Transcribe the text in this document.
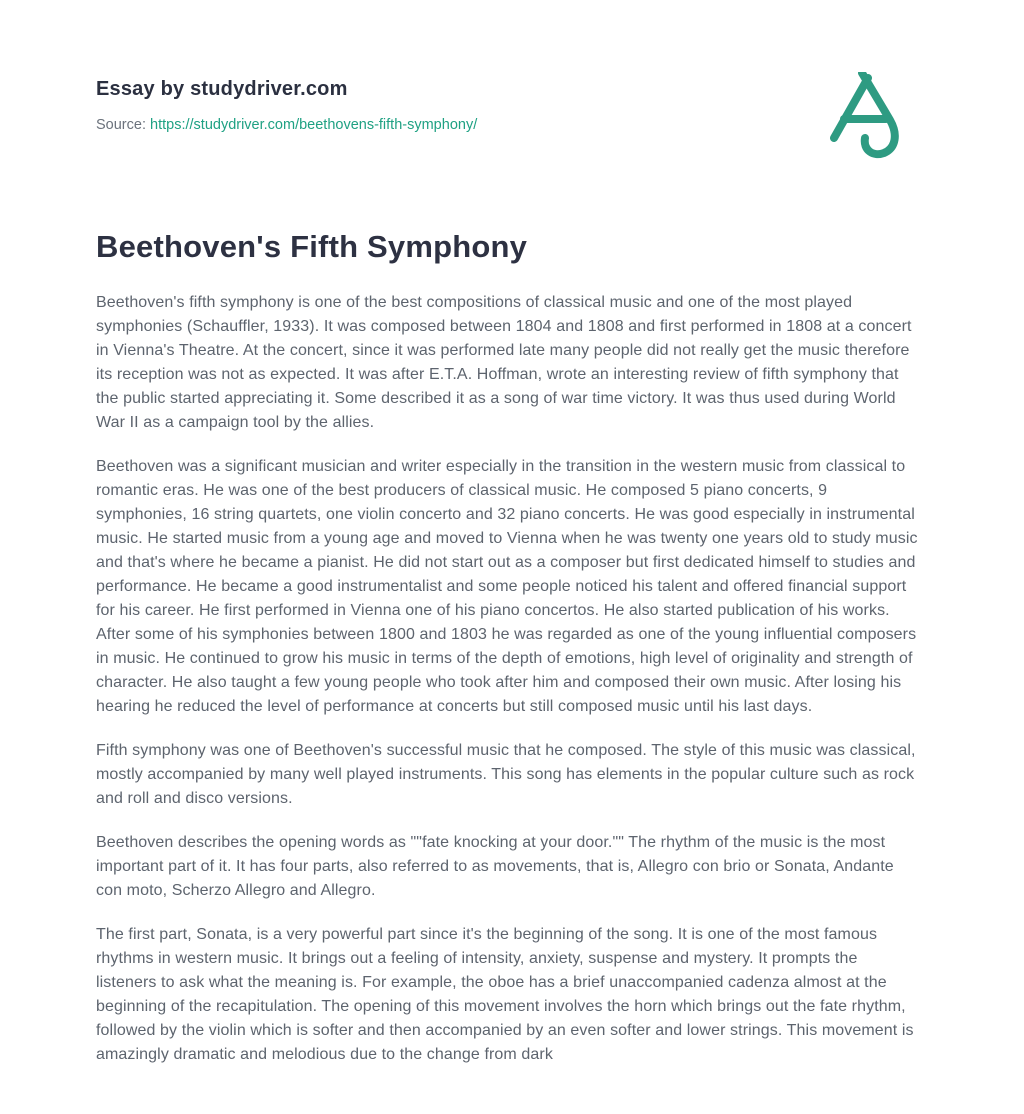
Essay by studydriver.com
Source: https://studydriver.com/beethovens-fifth-symphony/
Beethoven's Fifth Symphony

Beethoven's fifth symphony is one of the best compositions of classical music and one of the most played symphonies (Schauffler, 1933). It was composed between 1804 and 1808 and first performed in 1808 at a concert in Vienna's Theatre. At the concert, since it was performed late many people did not really get the music therefore its reception was not as expected. It was after E.T.A. Hoffman, wrote an interesting review of fifth symphony that the public started appreciating it. Some described it as a song of war time victory. It was thus used during World War II as a campaign tool by the allies.

Beethoven was a significant musician and writer especially in the transition in the western music from classical to romantic eras. He was one of the best producers of classical music. He composed 5 piano concerts, 9 symphonies, 16 string quartets, one violin concerto and 32 piano concerts. He was good especially in instrumental music. He started music from a young age and moved to Vienna when he was twenty one years old to study music and that's where he became a pianist. He did not start out as a composer but first dedicated himself to studies and performance. He became a good instrumentalist and some people noticed his talent and offered financial support for his career. He first performed in Vienna one of his piano concertos. He also started publication of his works. After some of his symphonies between 1800 and 1803 he was regarded as one of the young influential composers in music. He continued to grow his music in terms of the depth of emotions, high level of originality and strength of character. He also taught a few young people who took after him and composed their own music. After losing his hearing he reduced the level of performance at concerts but still composed music until his last days.

Fifth symphony was one of Beethoven's successful music that he composed. The style of this music was classical, mostly accompanied by many well played instruments. This song has elements in the popular culture such as rock and roll and disco versions.

Beethoven describes the opening words as ""fate knocking at your door."" The rhythm of the music is the most important part of it. It has four parts, also referred to as movements, that is, Allegro con brio or Sonata, Andante con moto, Scherzo Allegro and Allegro.

The first part, Sonata, is a very powerful part since it's the beginning of the song. It is one of the most famous rhythms in western music. It brings out a feeling of intensity, anxiety, suspense and mystery. It prompts the listeners to ask what the meaning is. For example, the oboe has a brief unaccompanied cadenza almost at the beginning of the recapitulation. The opening of this movement involves the horn which brings out the fate rhythm, followed by the violin which is softer and then accompanied by an even softer and lower strings. This movement is amazingly dramatic and melodious due to the change from dark
